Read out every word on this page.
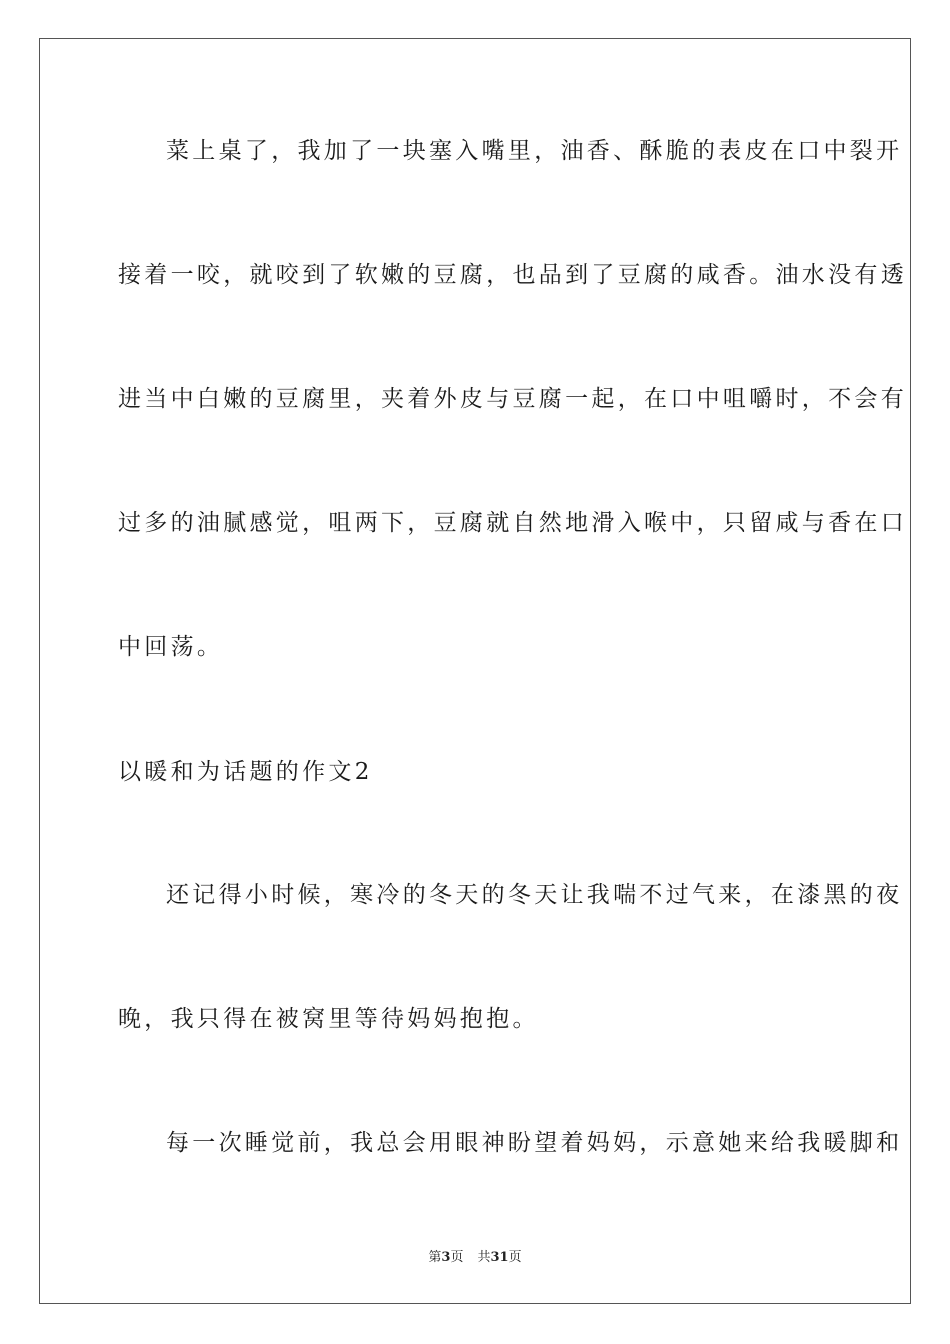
菜上桌了，我加了一块塞入嘴里，油香、酥脆的表皮在口中裂开
接着一咬，就咬到了软嫩的豆腐，也品到了豆腐的咸香。油水没有透
进当中白嫩的豆腐里，夹着外皮与豆腐一起，在口中咀嚼时，不会有
过多的油腻感觉，咀两下，豆腐就自然地滑入喉中，只留咸与香在口
中回荡。
以暖和为话题的作文2
还记得小时候，寒冷的冬天的冬天让我喘不过气来，在漆黑的夜
晚，我只得在被窝里等待妈妈抱抱。
每一次睡觉前，我总会用眼神盼望着妈妈，示意她来给我暖脚和
第3页 共31页
